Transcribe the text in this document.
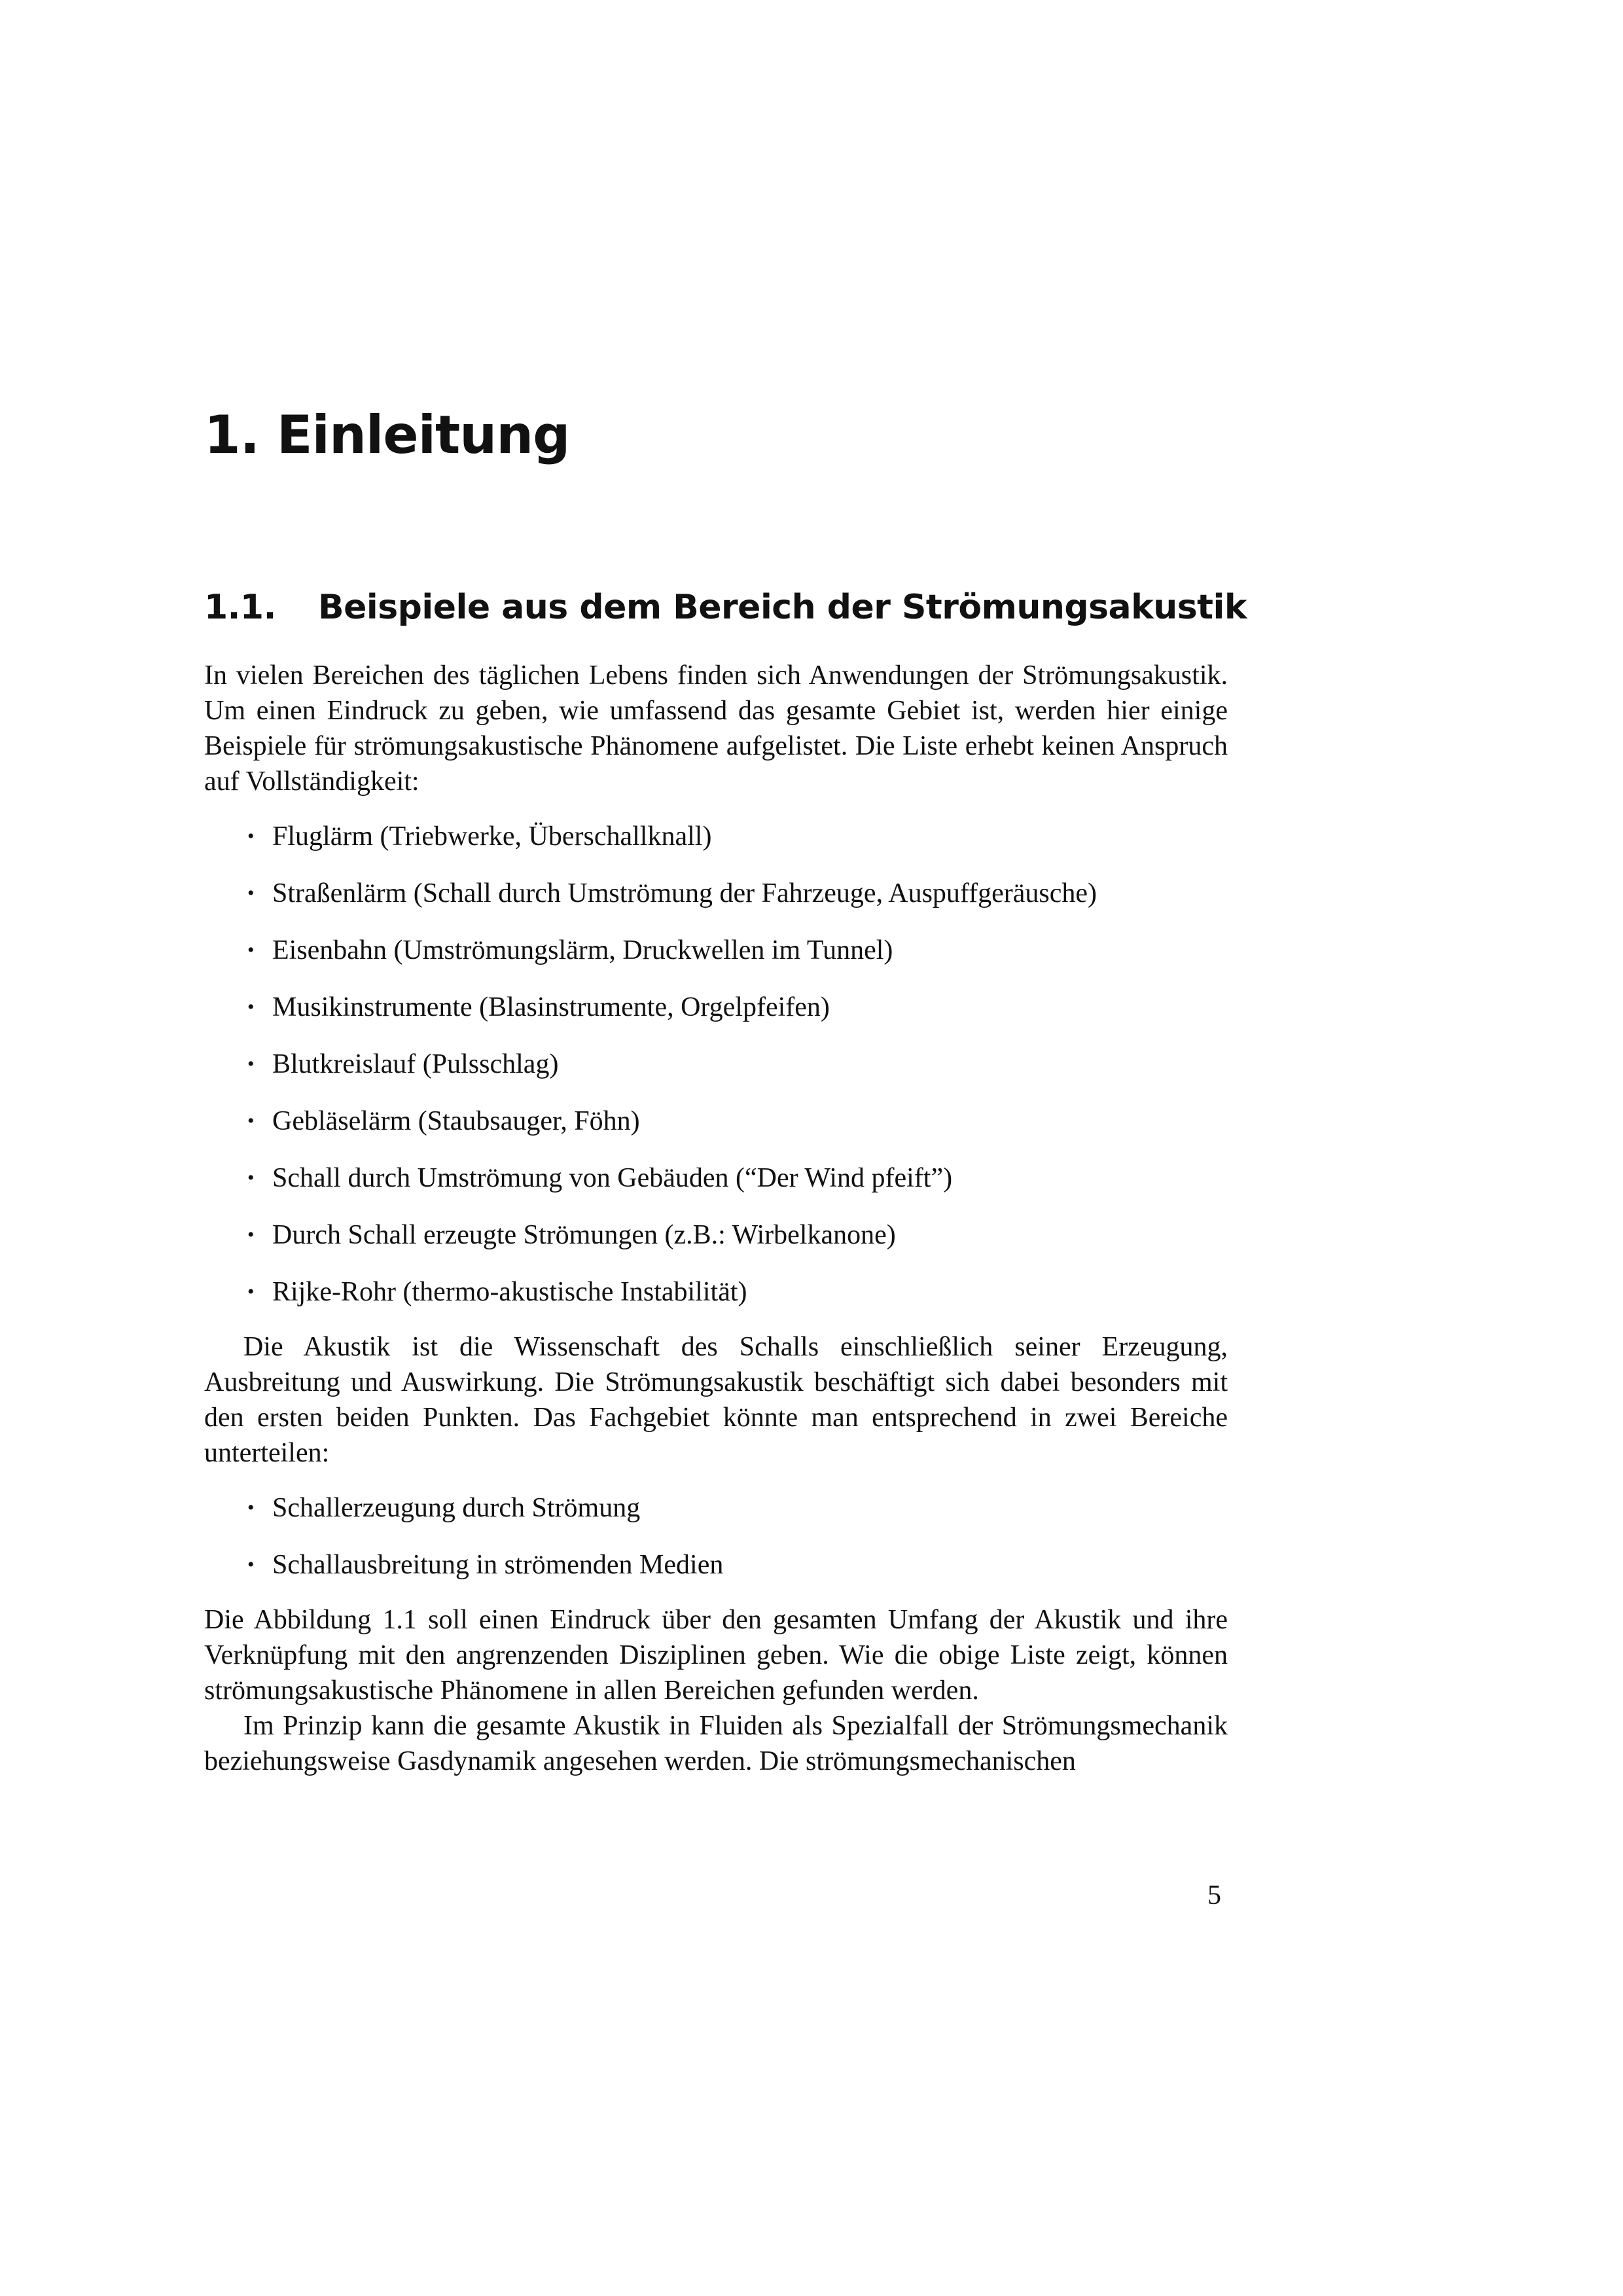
1. Einleitung
1.1. Beispiele aus dem Bereich der Strömungsakustik

In vielen Bereichen des täglichen Lebens finden sich Anwendungen der Strömungsakustik. Um einen Eindruck zu geben, wie umfassend das gesamte Gebiet ist, werden hier einige Beispiele für strömungsakustische Phänomene aufgelistet. Die Liste erhebt keinen Anspruch auf Vollständigkeit:

• Fluglärm (Triebwerke, Überschallknall)
• Straßenlärm (Schall durch Umströmung der Fahrzeuge, Auspuffgeräusche)
• Eisenbahn (Umströmungslärm, Druckwellen im Tunnel)
• Musikinstrumente (Blasinstrumente, Orgelpfeifen)
• Blutkreislauf (Pulsschlag)
• Gebläselärm (Staubsauger, Föhn)
• Schall durch Umströmung von Gebäuden (“Der Wind pfeift”)
• Durch Schall erzeugte Strömungen (z.B.: Wirbelkanone)
• Rijke-Rohr (thermo-akustische Instabilität)

Die Akustik ist die Wissenschaft des Schalls einschließlich seiner Erzeugung, Ausbreitung und Auswirkung. Die Strömungsakustik beschäftigt sich dabei besonders mit den ersten beiden Punkten. Das Fachgebiet könnte man entsprechend in zwei Bereiche unterteilen:

• Schallerzeugung durch Strömung
• Schallausbreitung in strömenden Medien

Die Abbildung 1.1 soll einen Eindruck über den gesamten Umfang der Akustik und ihre Verknüpfung mit den angrenzenden Disziplinen geben. Wie die obige Liste zeigt, können strömungsakustische Phänomene in allen Bereichen gefunden werden.

Im Prinzip kann die gesamte Akustik in Fluiden als Spezialfall der Strömungsmechanik beziehungsweise Gasdynamik angesehen werden. Die strömungsmechanischen

5
